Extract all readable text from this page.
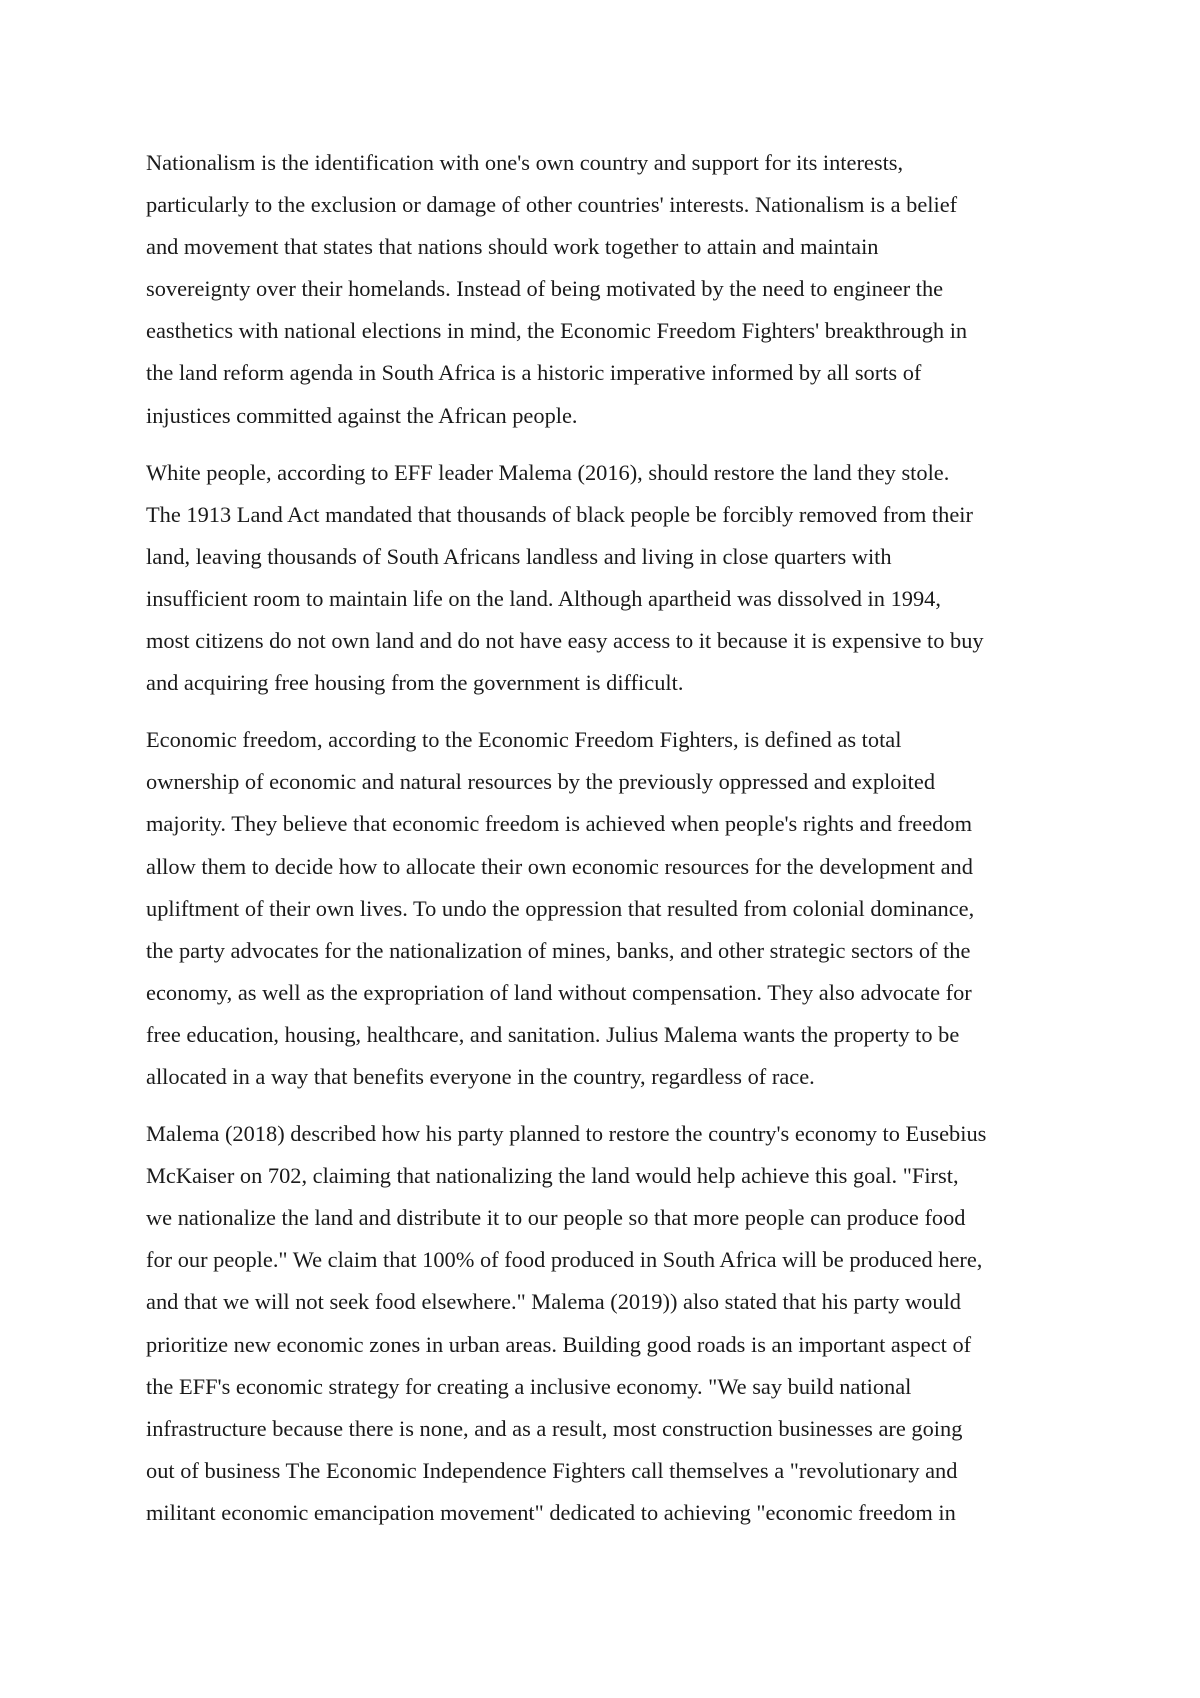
Nationalism is the identification with one's own country and support for its interests,
particularly to the exclusion or damage of other countries' interests. Nationalism is a belief
and movement that states that nations should work together to attain and maintain
sovereignty over their homelands. Instead of being motivated by the need to engineer the
easthetics with national elections in mind, the Economic Freedom Fighters' breakthrough in
the land reform agenda in South Africa is a historic imperative informed by all sorts of
injustices committed against the African people.

White people, according to EFF leader Malema (2016), should restore the land they stole.
The 1913 Land Act mandated that thousands of black people be forcibly removed from their
land, leaving thousands of South Africans landless and living in close quarters with
insufficient room to maintain life on the land. Although apartheid was dissolved in 1994,
most citizens do not own land and do not have easy access to it because it is expensive to buy
and acquiring free housing from the government is difficult.

Economic freedom, according to the Economic Freedom Fighters, is defined as total
ownership of economic and natural resources by the previously oppressed and exploited
majority. They believe that economic freedom is achieved when people's rights and freedom
allow them to decide how to allocate their own economic resources for the development and
upliftment of their own lives. To undo the oppression that resulted from colonial dominance,
the party advocates for the nationalization of mines, banks, and other strategic sectors of the
economy, as well as the expropriation of land without compensation. They also advocate for
free education, housing, healthcare, and sanitation. Julius Malema wants the property to be
allocated in a way that benefits everyone in the country, regardless of race.

Malema (2018) described how his party planned to restore the country's economy to Eusebius
McKaiser on 702, claiming that nationalizing the land would help achieve this goal. "First,
we nationalize the land and distribute it to our people so that more people can produce food
for our people." We claim that 100% of food produced in South Africa will be produced here,
and that we will not seek food elsewhere." Malema (2019)) also stated that his party would
prioritize new economic zones in urban areas. Building good roads is an important aspect of
the EFF's economic strategy for creating a inclusive economy. "We say build national
infrastructure because there is none, and as a result, most construction businesses are going
out of business The Economic Independence Fighters call themselves a "revolutionary and
militant economic emancipation movement" dedicated to achieving "economic freedom in
